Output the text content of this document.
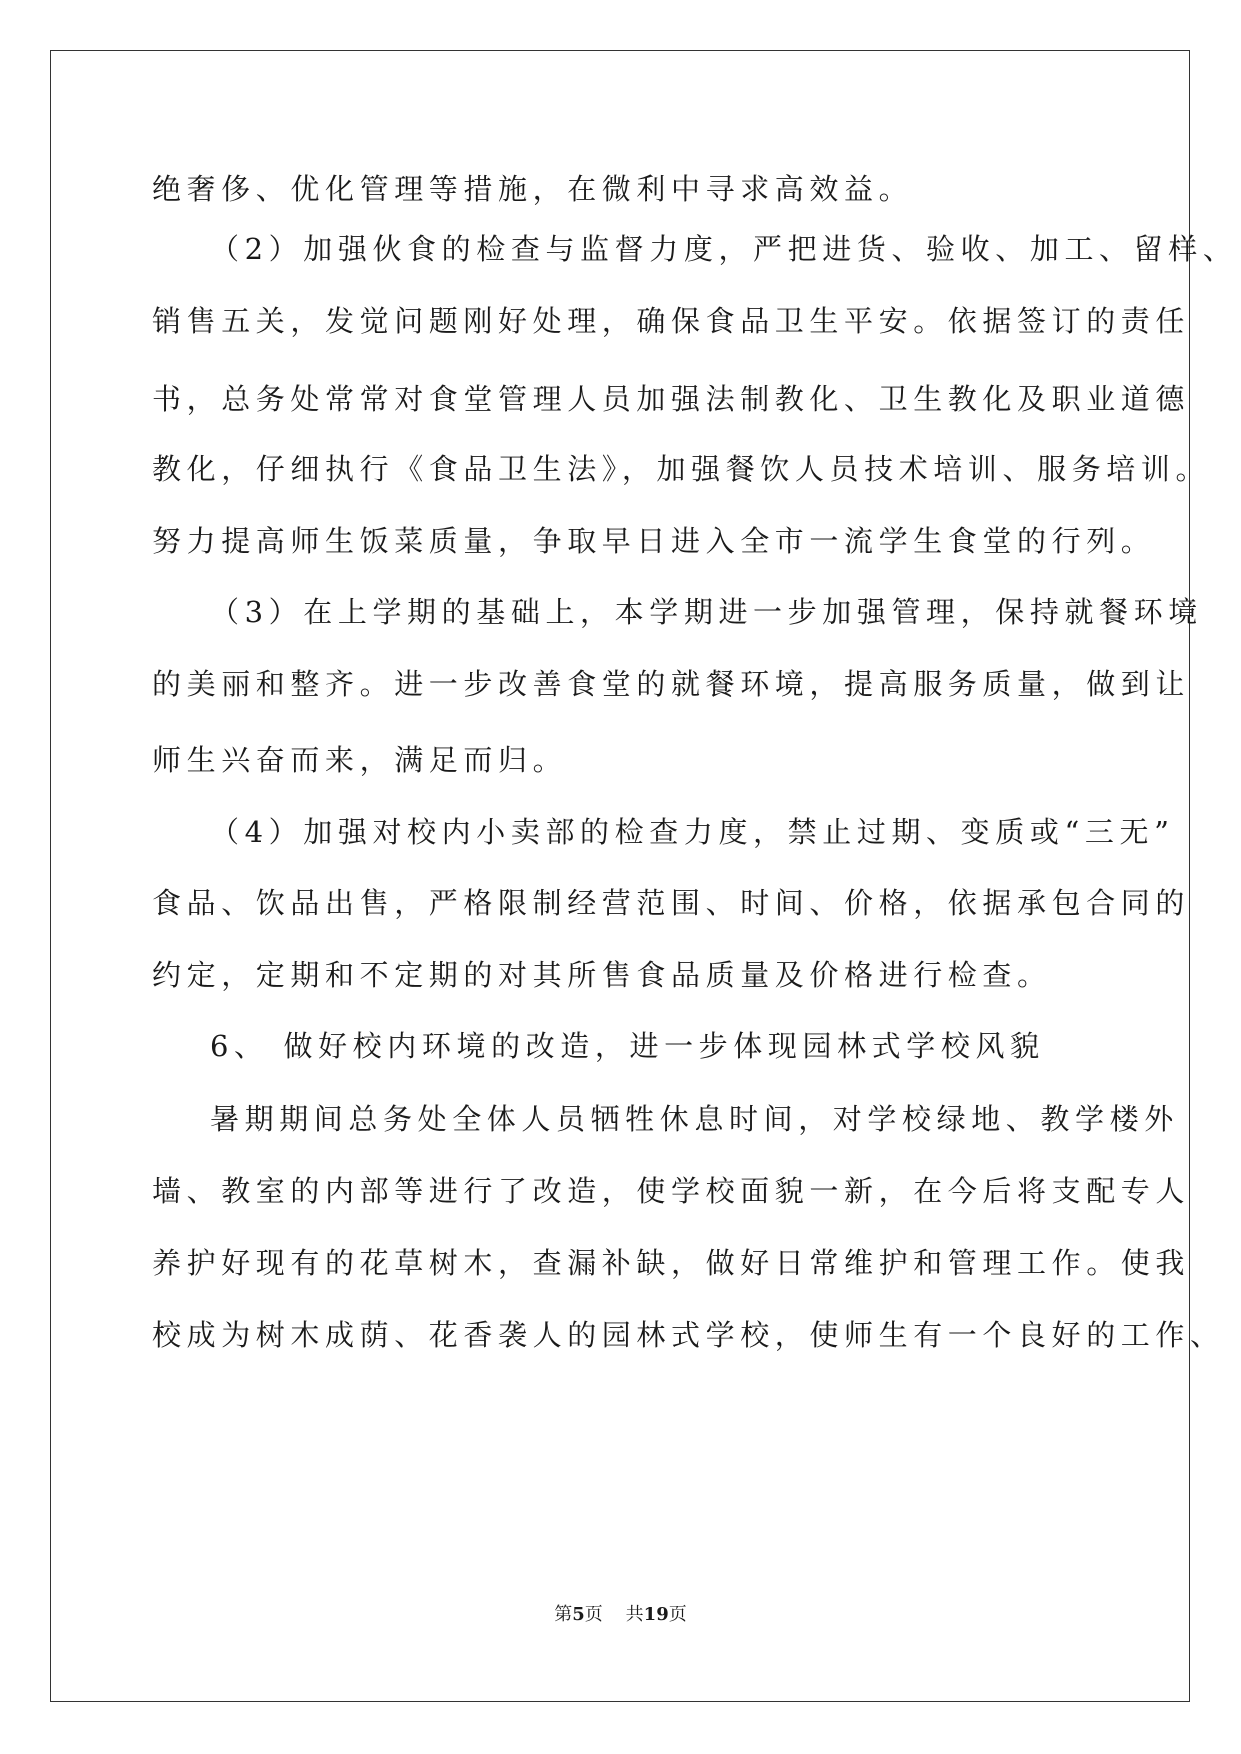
绝奢侈、优化管理等措施，在微利中寻求高效益。
（2）加强伙食的检查与监督力度，严把进货、验收、加工、留样、
销售五关，发觉问题刚好处理，确保食品卫生平安。依据签订的责任
书，总务处常常对食堂管理人员加强法制教化、卫生教化及职业道德
教化，仔细执行《食品卫生法》，加强餐饮人员技术培训、服务培训。
努力提高师生饭菜质量，争取早日进入全市一流学生食堂的行列。
（3）在上学期的基础上，本学期进一步加强管理，保持就餐环境
的美丽和整齐。进一步改善食堂的就餐环境，提高服务质量，做到让
师生兴奋而来，满足而归。
（4）加强对校内小卖部的检查力度，禁止过期、变质或“三无”
食品、饮品出售，严格限制经营范围、时间、价格，依据承包合同的
约定，定期和不定期的对其所售食品质量及价格进行检查。
6、 做好校内环境的改造，进一步体现园林式学校风貌
暑期期间总务处全体人员牺牲休息时间，对学校绿地、教学楼外
墙、教室的内部等进行了改造，使学校面貌一新，在今后将支配专人
养护好现有的花草树木，查漏补缺，做好日常维护和管理工作。使我
校成为树木成荫、花香袭人的园林式学校，使师生有一个良好的工作、
第5页    共19页
